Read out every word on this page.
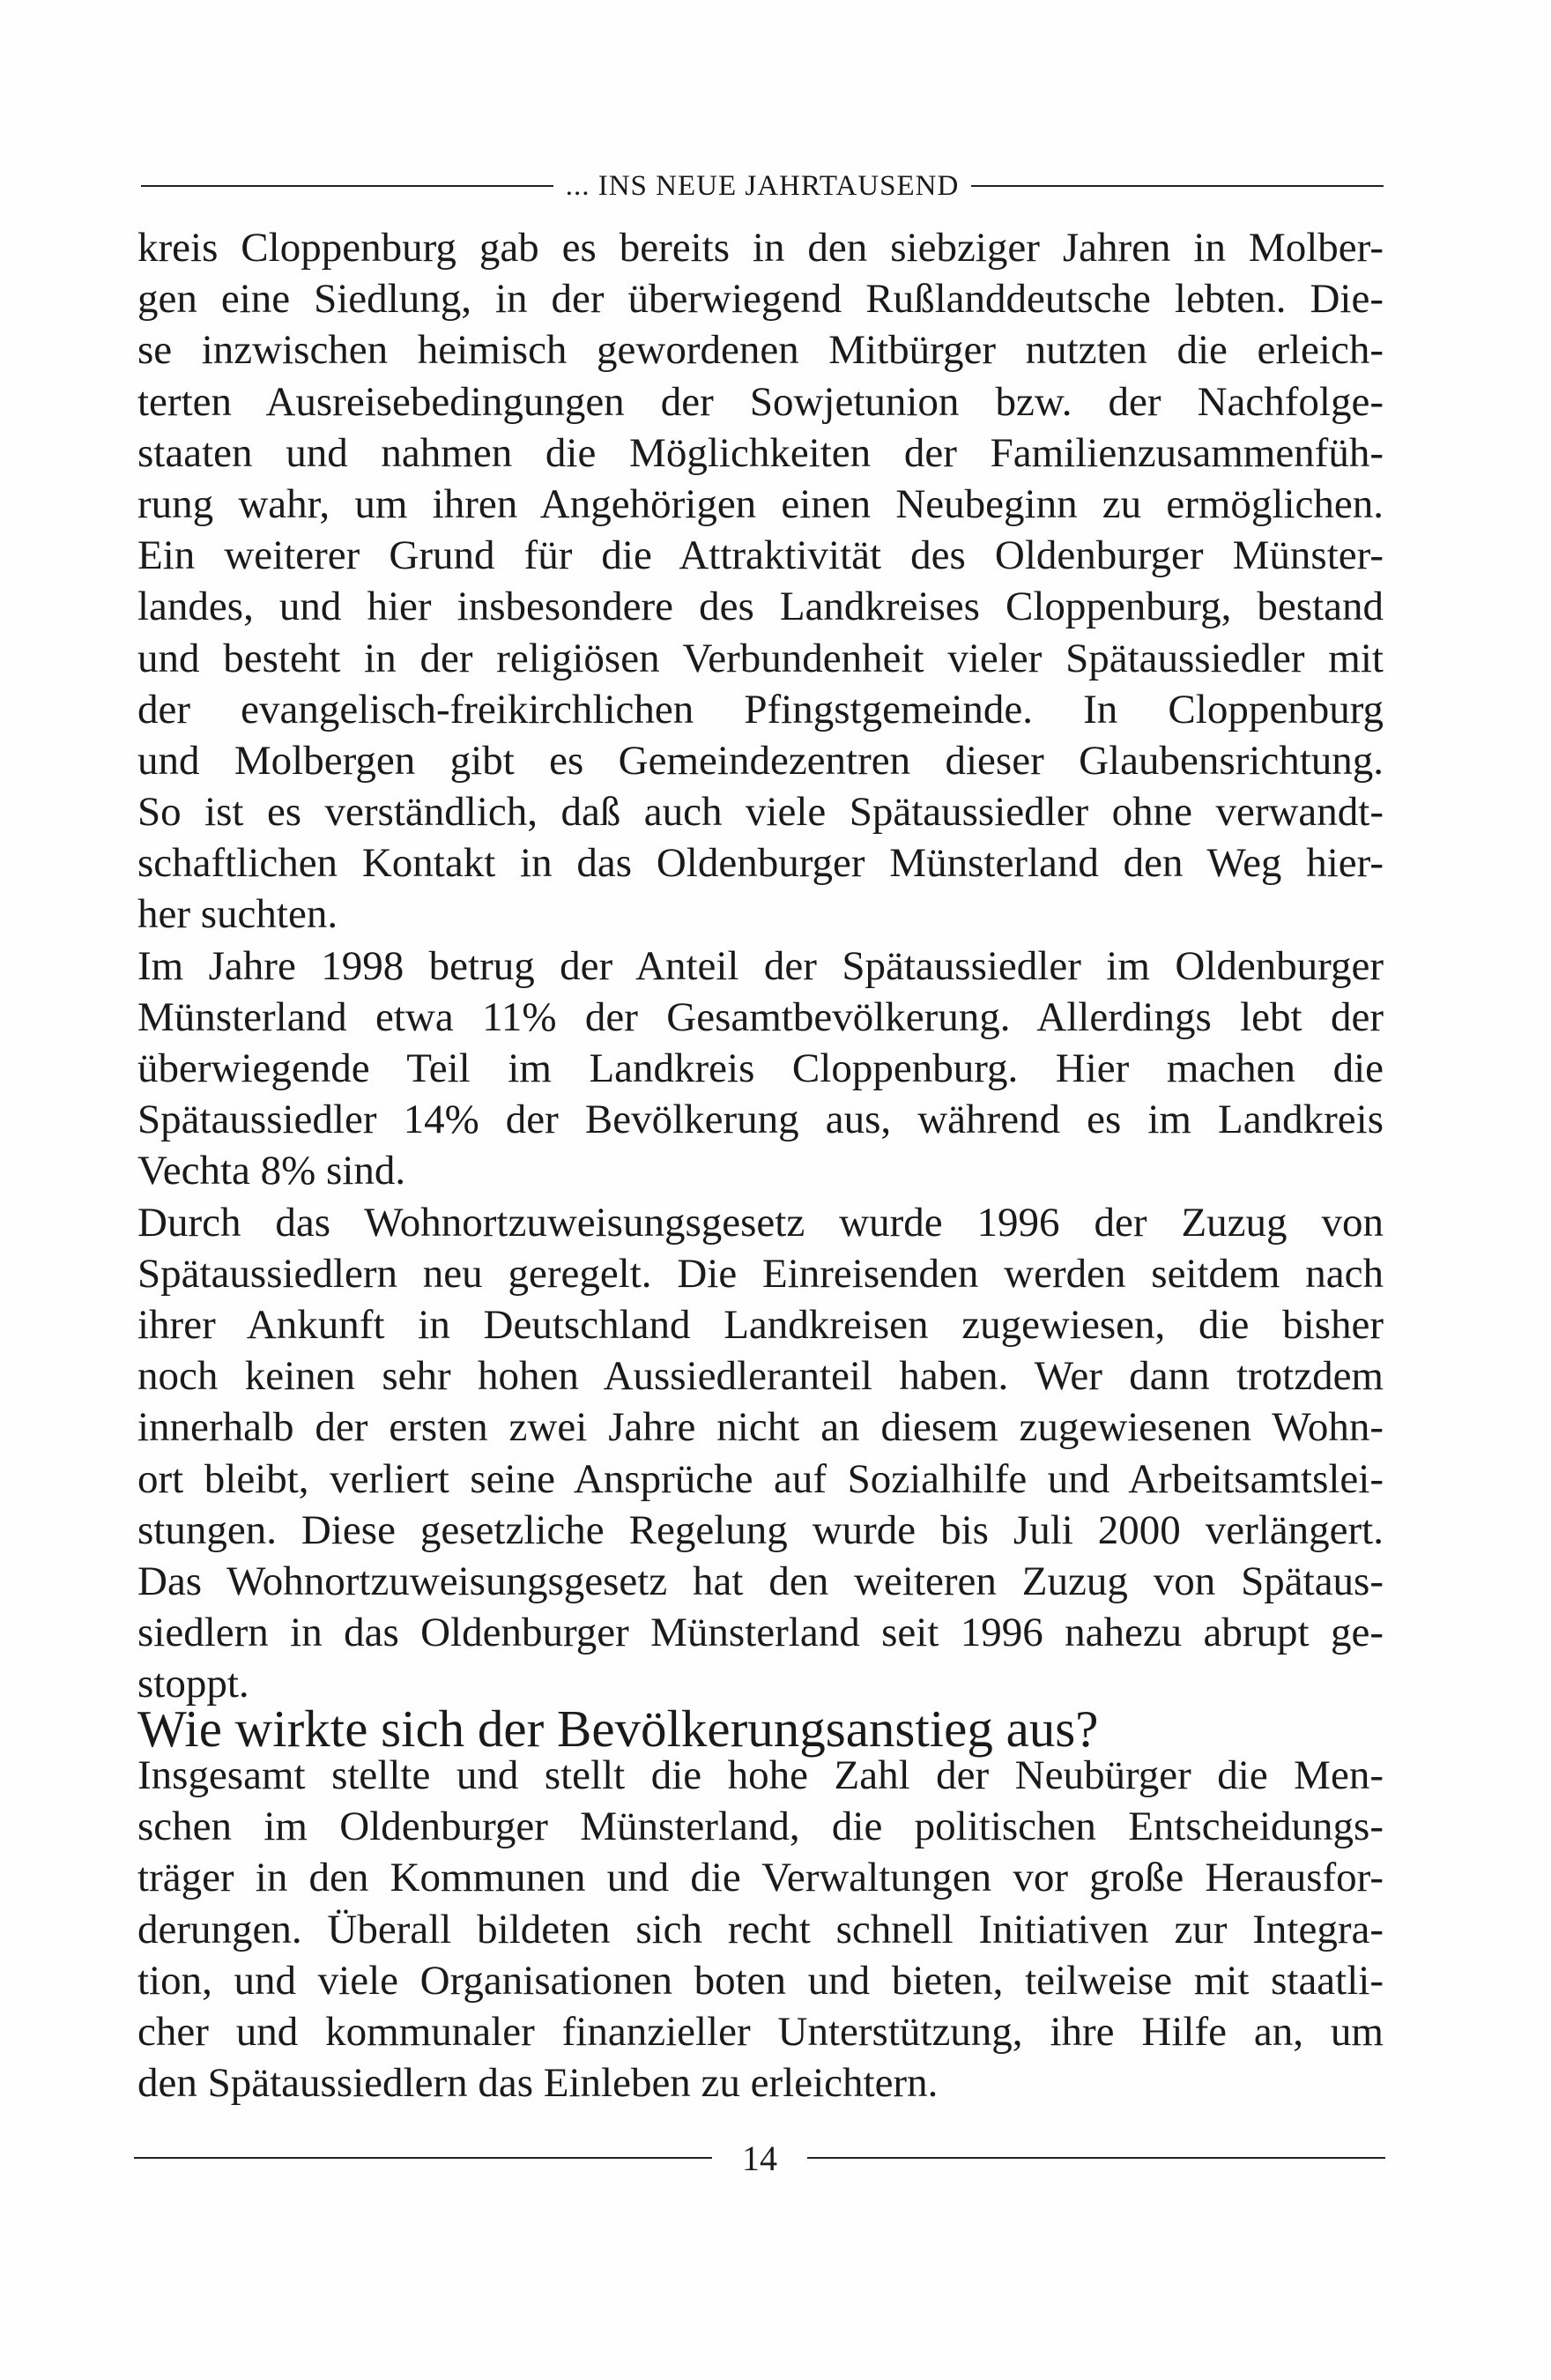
... INS NEUE JAHRTAUSEND
kreis Cloppenburg gab es bereits in den siebziger Jahren in Molber-
gen eine Siedlung, in der überwiegend Rußlanddeutsche lebten. Die-
se inzwischen heimisch gewordenen Mitbürger nutzten die erleich-
terten Ausreisebedingungen der Sowjetunion bzw. der Nachfolge-
staaten und nahmen die Möglichkeiten der Familienzusammenfüh-
rung wahr, um ihren Angehörigen einen Neubeginn zu ermöglichen.
Ein weiterer Grund für die Attraktivität des Oldenburger Münster-
landes, und hier insbesondere des Landkreises Cloppenburg, bestand
und besteht in der religiösen Verbundenheit vieler Spätaussiedler mit
der evangelisch-freikirchlichen Pfingstgemeinde. In Cloppenburg
und Molbergen gibt es Gemeindezentren dieser Glaubensrichtung.
So ist es verständlich, daß auch viele Spätaussiedler ohne verwandt-
schaftlichen Kontakt in das Oldenburger Münsterland den Weg hier-
her suchten.
Im Jahre 1998 betrug der Anteil der Spätaussiedler im Oldenburger
Münsterland etwa 11% der Gesamtbevölkerung. Allerdings lebt der
überwiegende Teil im Landkreis Cloppenburg. Hier machen die
Spätaussiedler 14% der Bevölkerung aus, während es im Landkreis
Vechta 8% sind.
Durch das Wohnortzuweisungsgesetz wurde 1996 der Zuzug von
Spätaussiedlern neu geregelt. Die Einreisenden werden seitdem nach
ihrer Ankunft in Deutschland Landkreisen zugewiesen, die bisher
noch keinen sehr hohen Aussiedleranteil haben. Wer dann trotzdem
innerhalb der ersten zwei Jahre nicht an diesem zugewiesenen Wohn-
ort bleibt, verliert seine Ansprüche auf Sozialhilfe und Arbeitsamtslei-
stungen. Diese gesetzliche Regelung wurde bis Juli 2000 verlängert.
Das Wohnortzuweisungsgesetz hat den weiteren Zuzug von Spätaus-
siedlern in das Oldenburger Münsterland seit 1996 nahezu abrupt ge-
stoppt.
Wie wirkte sich der Bevölkerungsanstieg aus?
Insgesamt stellte und stellt die hohe Zahl der Neubürger die Men-
schen im Oldenburger Münsterland, die politischen Entscheidungs-
träger in den Kommunen und die Verwaltungen vor große Herausfor-
derungen. Überall bildeten sich recht schnell Initiativen zur Integra-
tion, und viele Organisationen boten und bieten, teilweise mit staatli-
cher und kommunaler finanzieller Unterstützung, ihre Hilfe an, um
den Spätaussiedlern das Einleben zu erleichtern.
14
